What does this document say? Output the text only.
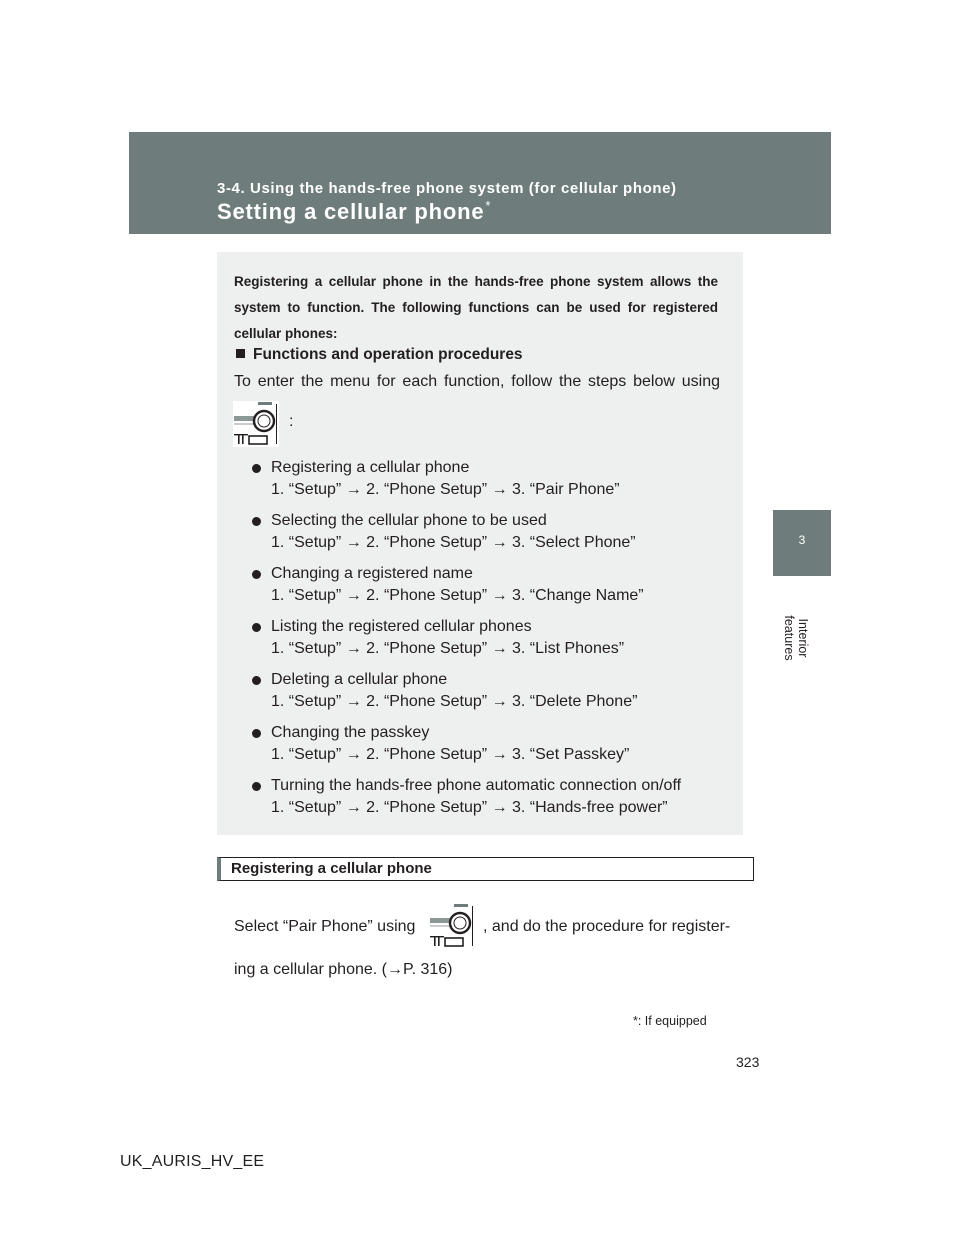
3-4. Using the hands-free phone system (for cellular phone)
Setting a cellular phone*
3
Interior features
Registering a cellular phone in the hands-free phone system allows the system to function. The following functions can be used for registered cellular phones:
Functions and operation procedures
To enter the menu for each function, follow the steps below using
:
Registering a cellular phone
1. “Setup” → 2. “Phone Setup” → 3. “Pair Phone”
Selecting the cellular phone to be used
1. “Setup” → 2. “Phone Setup” → 3. “Select Phone”
Changing a registered name
1. “Setup” → 2. “Phone Setup” → 3. “Change Name”
Listing the registered cellular phones
1. “Setup” → 2. “Phone Setup” → 3. “List Phones”
Deleting a cellular phone
1. “Setup” → 2. “Phone Setup” → 3. “Delete Phone”
Changing the passkey
1. “Setup” → 2. “Phone Setup” → 3. “Set Passkey”
Turning the hands-free phone automatic connection on/off
1. “Setup” → 2. “Phone Setup” → 3. “Hands-free power”
Registering a cellular phone
Select “Pair Phone” using	, and do the procedure for register-
ing a cellular phone. (→P. 316)
*: If equipped
323
UK_AURIS_HV_EE
